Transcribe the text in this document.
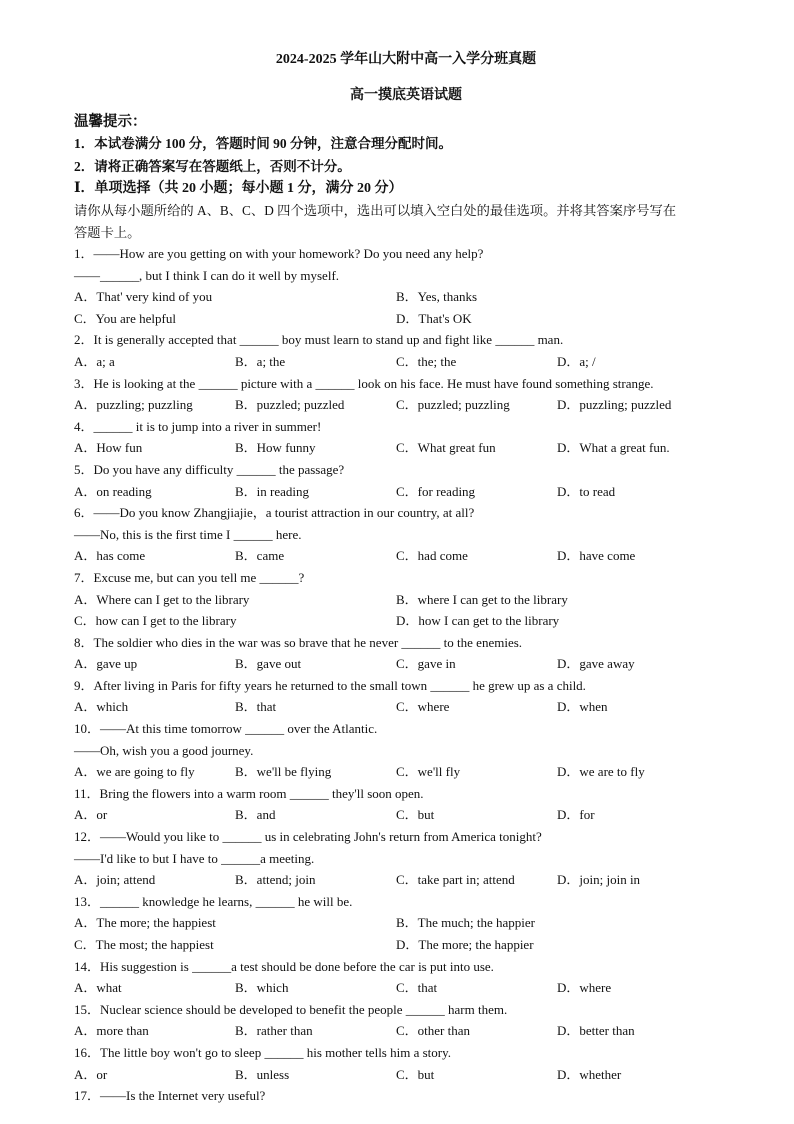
2024-2025 学年山大附中高一入学分班真题
高一摸底英语试题
温馨提示：
1．本试卷满分 100 分，答题时间 90 分钟，注意合理分配时间。
2．请将正确答案写在答题纸上，否则不计分。
Ⅰ．单项选择（共 20 小题；每小题 1 分，满分 20 分）
请你从每小题所给的 A、B、C、D 四个选项中，选出可以填入空白处的最佳选项。并将其答案序号写在
答题卡上。
1．——How are you getting on with your homework? Do you need any help?
——______, but I think I can do it well by myself.
A．That' very kind of you	B．Yes, thanks
C．You are helpful	D．That's OK
2．It is generally accepted that ______ boy must learn to stand up and fight like ______ man.
A．a; a	B．a; the	C．the; the	D．a; /
3．He is looking at the ______ picture with a ______ look on his face. He must have found something strange.
A．puzzling; puzzling	B．puzzled; puzzled	C．puzzled; puzzling	D．puzzling; puzzled
4．______ it is to jump into a river in summer!
A．How fun	B．How funny	C．What great fun	D．What a great fun.
5．Do you have any difficulty ______ the passage?
A．on reading	B．in reading	C．for reading	D．to read
6．——Do you know Zhangjiajie，a tourist attraction in our country, at all?
——No, this is the first time I ______ here.
A．has come	B．came	C．had come	D．have come
7．Excuse me, but can you tell me ______?
A．Where can I get to the library	B．where I can get to the library
C．how can I get to the library	D．how I can get to the library
8．The soldier who dies in the war was so brave that he never ______ to the enemies.
A．gave up	B．gave out	C．gave in	D．gave away
9．After living in Paris for fifty years he returned to the small town ______ he grew up as a child.
A．which	B．that	C．where	D．when
10．——At this time tomorrow ______ over the Atlantic.
——Oh, wish you a good journey.
A．we are going to fly	B．we'll be flying	C．we'll fly	D．we are to fly
11．Bring the flowers into a warm room ______ they'll soon open.
A．or	B．and	C．but	D．for
12．——Would you like to ______ us in celebrating John's return from America tonight?
——I'd like to but I have to ______a meeting.
A．join; attend	B．attend; join	C．take part in; attend	D．join; join in
13．______ knowledge he learns, ______ he will be.
A．The more; the happiest	B．The much; the happier
C．The most; the happiest	D．The more; the happier
14．His suggestion is ______a test should be done before the car is put into use.
A．what	B．which	C．that	D．where
15．Nuclear science should be developed to benefit the people ______ harm them.
A．more than	B．rather than	C．other than	D．better than
16．The little boy won't go to sleep ______ his mother tells him a story.
A．or	B．unless	C．but	D．whether
17．——Is the Internet very useful?
